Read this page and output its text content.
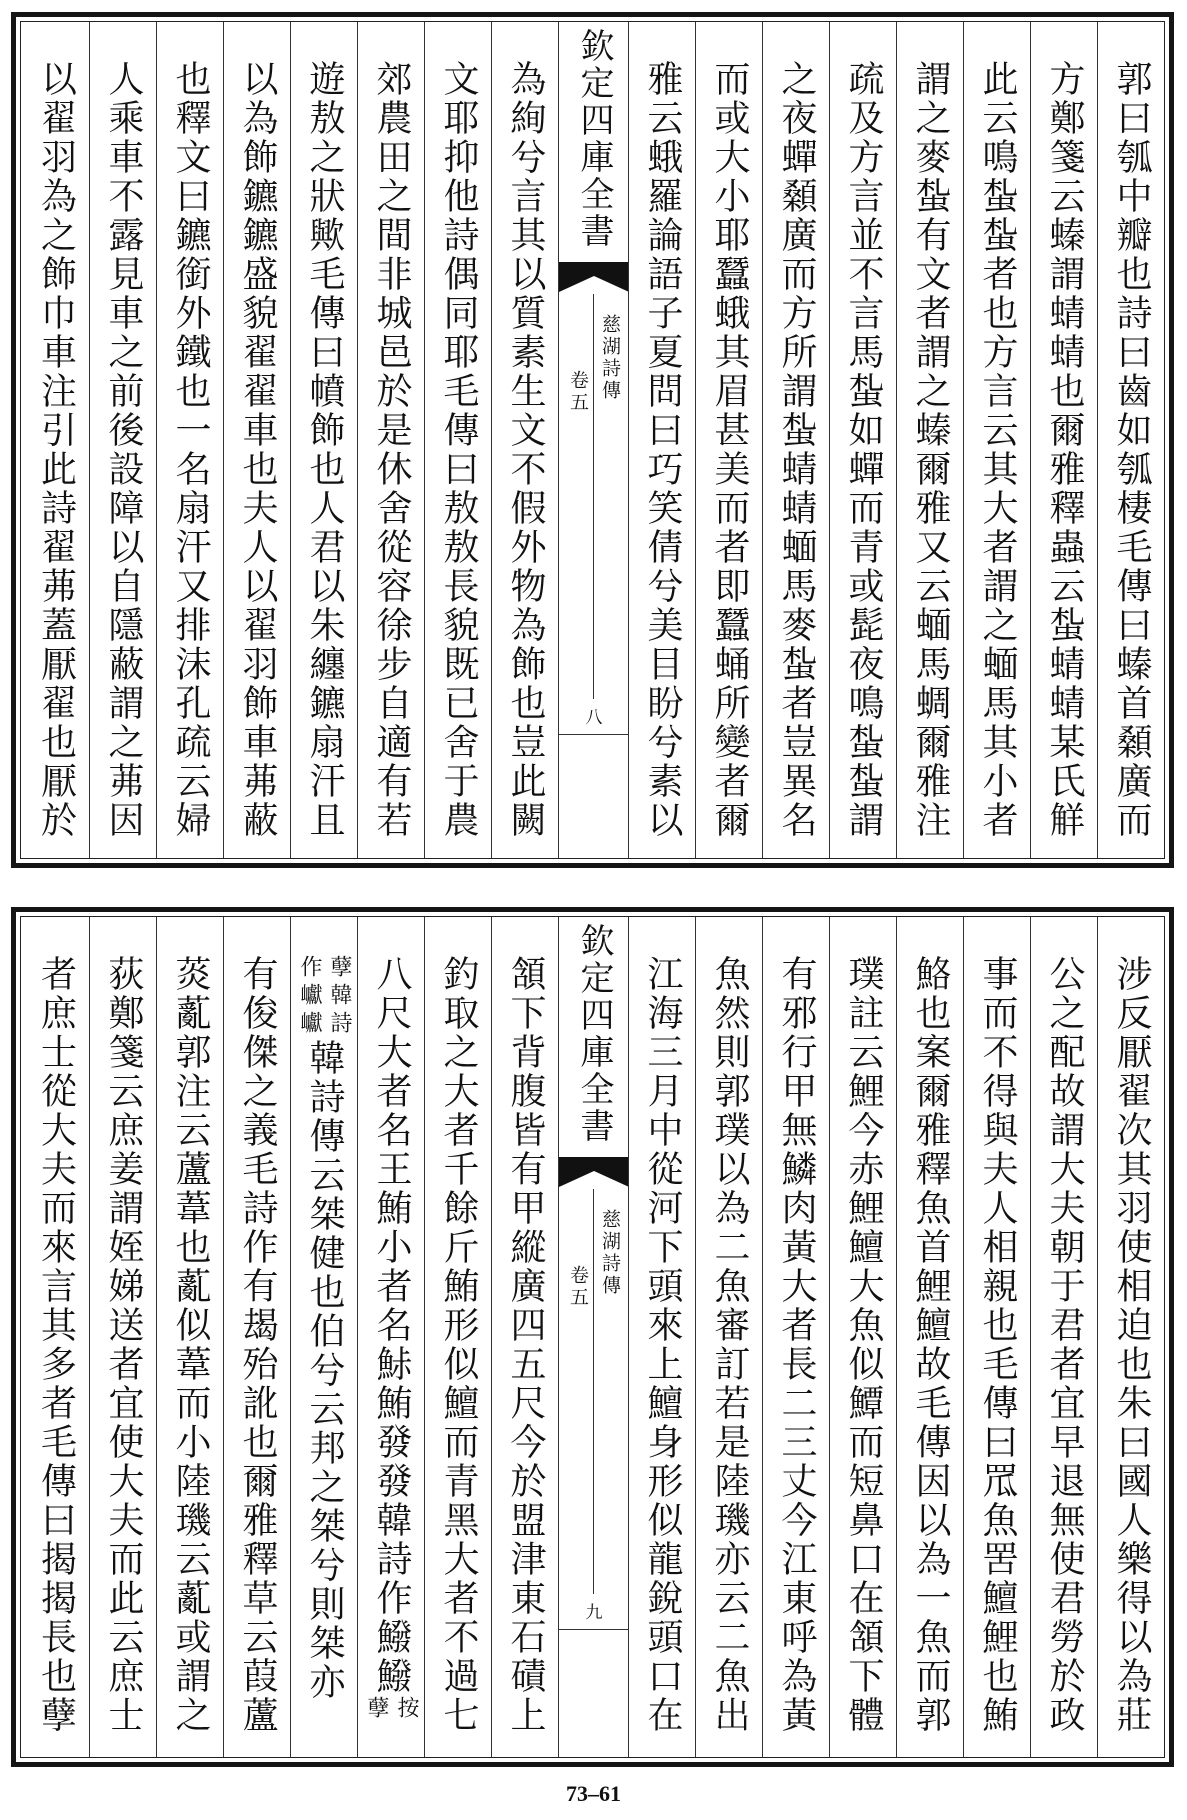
郭曰瓠中瓣也詩曰齒如瓠棲毛傳曰螓首顙廣而
方鄭箋云螓謂蜻蜻也爾雅釋蟲云蚻蜻蜻某氏觧
此云鳴蚻蚻者也方言云其大者謂之蝒馬其小者
謂之麥蚻有文者謂之螓爾雅又云蝒馬蜩爾雅注
疏及方言並不言馬蚻如蟬而青或髭夜鳴蚻蚻謂
之夜蟬顙廣而方所謂蚻蜻蜻蝒馬麥蚻者豈異名
而或大小耶蠶蛾其眉甚美而者即蠶蛹所變者爾
雅云蛾羅論語子夏問曰巧笑倩兮美目盼兮素以
欽定四庫全書
慈湖詩傳
卷五
八
為絢兮言其以質素生文不假外物為飾也豈此闕
文耶抑他詩偶同耶毛傳曰敖敖長貌既已舍于農
郊農田之間非城邑於是休舍從容徐步自適有若
遊敖之狀歟毛傳曰幩飾也人君以朱纏鑣扇汗且
以為飾鑣鑣盛貌翟翟車也夫人以翟羽飾車茀蔽
也釋文曰鑣銜外鐵也一名扇汗又排沫孔疏云婦
人乘車不露見車之前後設障以自隱蔽謂之茀因
以翟羽為之飾巾車注引此詩翟茀蓋厭翟也厭於
涉反厭翟次其羽使相迫也朱曰國人樂得以為莊
公之配故謂大夫朝于君者宜早退無使君勞於政
事而不得與夫人相親也毛傳曰罛魚罟鱣鯉也鮪
鮥也案爾雅釋魚首鯉鱣故毛傳因以為一魚而郭
璞註云鯉今赤鯉鱣大魚似鱏而短鼻口在頷下體
有邪行甲無鱗肉黃大者長二三丈今江東呼為黃
魚然則郭璞以為二魚審訂若是陸璣亦云二魚出
江海三月中從河下頭來上鱣身形似龍銳頭口在
欽定四庫全書
慈湖詩傳
卷五
九
頷下背腹皆有甲縱廣四五尺今於盟津東石磧上
釣取之大者千餘斤鮪形似鱣而青黑大者不過七
八尺大者名王鮪小者名鮛鮪發發韓詩作鱍鱍
按
孽
孽韓詩
作巘巘
韓詩傳云桀健也伯兮云邦之桀兮則桀亦
有俊傑之義毛詩作有朅殆訛也爾雅釋草云葭蘆
菼薍郭注云蘆葦也薍似葦而小陸璣云薍或謂之
荻鄭箋云庶姜謂姪娣送者宜使大夫而此云庶士
者庶士從大夫而來言其多者毛傳曰揭揭長也孽
73–61
